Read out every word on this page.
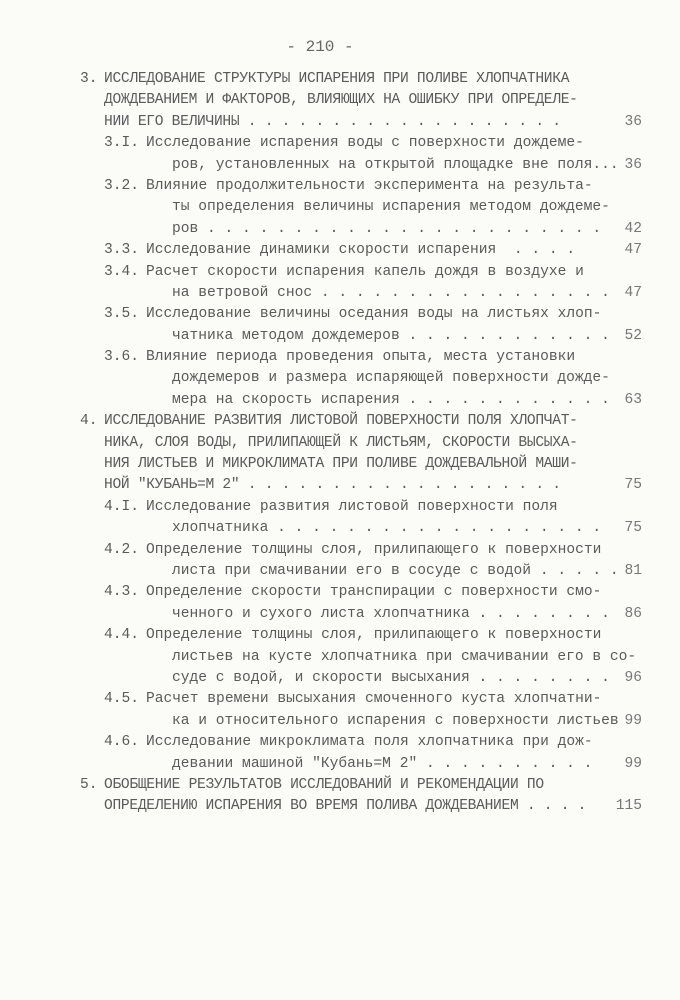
- 210 -
3. ИССЛЕДОВАНИЕ СТРУКТУРЫ ИСПАРЕНИЯ ПРИ ПОЛИВЕ ХЛОПЧАТНИКА
ДОЖДЕВАНИЕМ И ФАКТОРОВ, ВЛИЯЮЩИХ НА ОШИБКУ ПРИ ОПРЕДЕЛЕ-
НИИ ЕГО ВЕЛИЧИНЫ . . . . . . . . . . . . . . . . . . .	36
3.I. Исследование испарения воды с поверхности дождеме-
ров, установленных на открытой площадке вне поля... 36
3.2. Влияние продолжительности эксперимента на результа-
ты определения величины испарения методом дождеме-
ров . . . . . . . . . . . . . . . . . . . . . . . 42
3.3. Исследование динамики скорости испарения  . . . .	47
3.4. Расчет скорости испарения капель дождя в воздухе и
на ветровой снос . . . . . . . . . . . . . . . . . 47
3.5. Исследование величины оседания воды на листьях хлоп-
чатника методом дождемеров . . . . . . . . . . . . 52
3.6. Влияние периода проведения опыта, места установки
дождемеров и размера испаряющей поверхности дожде-
мера на скорость испарения . . . . . . . . . . . . 63
4. ИССЛЕДОВАНИЕ РАЗВИТИЯ ЛИСТОВОЙ ПОВЕРХНОСТИ ПОЛЯ ХЛОПЧАТ-
НИКА, СЛОЯ ВОДЫ, ПРИЛИПАЮЩЕЙ К ЛИСТЬЯМ, СКОРОСТИ ВЫСЫХА-
НИЯ ЛИСТЬЕВ И МИКРОКЛИМАТА ПРИ ПОЛИВЕ ДОЖДЕВАЛЬНОЙ МАШИ-
НОЙ "КУБАНЬ=М 2" . . . . . . . . . . . . . . . . . . .	75
4.I. Исследование развития листовой поверхности поля
хлопчатника . . . . . . . . . . . . . . . . . . . 75
4.2. Определение толщины слоя, прилипающего к поверхности
листа при смачивании его в сосуде с водой . . . . . 81
4.3. Определение скорости транспирации с поверхности смо-
ченного и сухого листа хлопчатника . . . . . . . . 86
4.4. Определение толщины слоя, прилипающего к поверхности
листьев на кусте хлопчатника при смачивании его в со-
суде с водой, и скорости высыхания . . . . . . . . 96
4.5. Расчет времени высыхания смоченного куста хлопчатни-
ка и относительного испарения с поверхности листьев 99
4.6. Исследование микроклимата поля хлопчатника при дож-
девании машиной "Кубань=М 2" . . . . . . . . . . 99
5. ОБОБЩЕНИЕ РЕЗУЛЬТАТОВ ИССЛЕДОВАНИЙ И РЕКОМЕНДАЦИИ ПО
ОПРЕДЕЛЕНИЮ ИСПАРЕНИЯ ВО ВРЕМЯ ПОЛИВА ДОЖДЕВАНИЕМ . . . . 115
